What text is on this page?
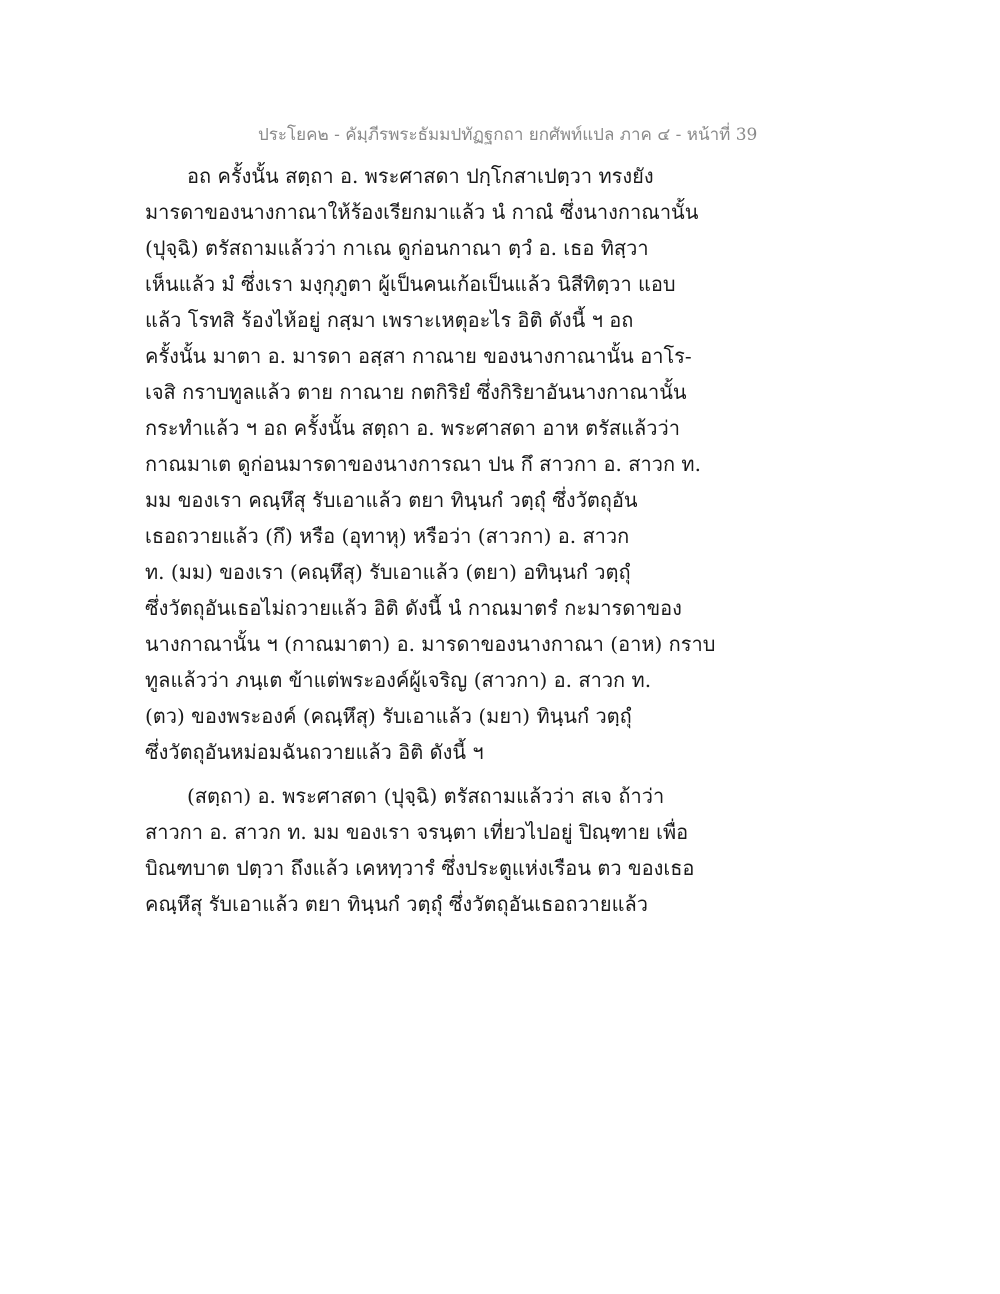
ประโยค๒ - คัมฺภีรพระธัมมปทัฏฐกถา ยกศัพท์แปล ภาค ๔ - หน้าที่ 39
อถ ครั้งนั้น สตฺถา อ. พระศาสดา ปกฺโกสาเปตฺวา ทรงยัง
มารดาของนางกาณาให้ร้องเรียกมาแล้ว นํ กาณํ ซึ่งนางกาณานั้น
(ปุจฺฉิ) ตรัสถามแล้วว่า กาเณ ดูก่อนกาณา ตฺวํ อ. เธอ ทิสฺวา
เห็นแล้ว มํ ซึ่งเรา มงฺกุภูตา ผู้เป็นคนเก้อเป็นแล้ว นิสีทิตฺวา แอบ
แล้ว โรทสิ ร้องไห้อยู่ กสฺมา เพราะเหตุอะไร อิติ ดังนี้ ฯ อถ
ครั้งนั้น มาตา อ. มารดา อสฺสา กาณาย ของนางกาณานั้น อาโร-
เจสิ กราบทูลแล้ว ตาย กาณาย กตกิริยํ ซึ่งกิริยาอันนางกาณานั้น
กระทำแล้ว ฯ อถ ครั้งนั้น สตฺถา อ. พระศาสดา อาห ตรัสแล้วว่า
กาณมาเต ดูก่อนมารดาของนางการณา ปน กึ สาวกา อ. สาวก ท.
มม ของเรา คณฺหึสุ รับเอาแล้ว ตยา ทินฺนกํ วตฺถุํ ซึ่งวัตถุอัน
เธอถวายแล้ว (กึ) หรือ (อุทาหุ) หรือว่า (สาวกา) อ. สาวก
ท. (มม) ของเรา (คณฺหึสุ) รับเอาแล้ว (ตยา) อทินฺนกํ วตฺถุํ
ซึ่งวัตถุอันเธอไม่ถวายแล้ว อิติ ดังนี้ นํ กาณมาตรํ กะมารดาของ
นางกาณานั้น ฯ (กาณมาตา) อ. มารดาของนางกาณา (อาห) กราบ
ทูลแล้วว่า ภนฺเต ข้าแต่พระองค์ผู้เจริญ (สาวกา) อ. สาวก ท.
(ตว) ของพระองค์ (คณฺหึสุ) รับเอาแล้ว (มยา) ทินฺนกํ วตฺถุํ
ซึ่งวัตถุอันหม่อมฉันถวายแล้ว อิติ ดังนี้ ฯ
(สตฺถา) อ. พระศาสดา (ปุจฺฉิ) ตรัสถามแล้วว่า สเจ ถ้าว่า
สาวกา อ. สาวก ท. มม ของเรา จรนฺตา เที่ยวไปอยู่ ปิณฺฑาย เพื่อ
บิณฑบาต ปตฺวา ถึงแล้ว เคหทฺวารํ ซึ่งประตูแห่งเรือน ตว ของเธอ
คณฺหึสุ รับเอาแล้ว ตยา ทินฺนกํ วตฺถุํ ซึ่งวัตถุอันเธอถวายแล้ว
